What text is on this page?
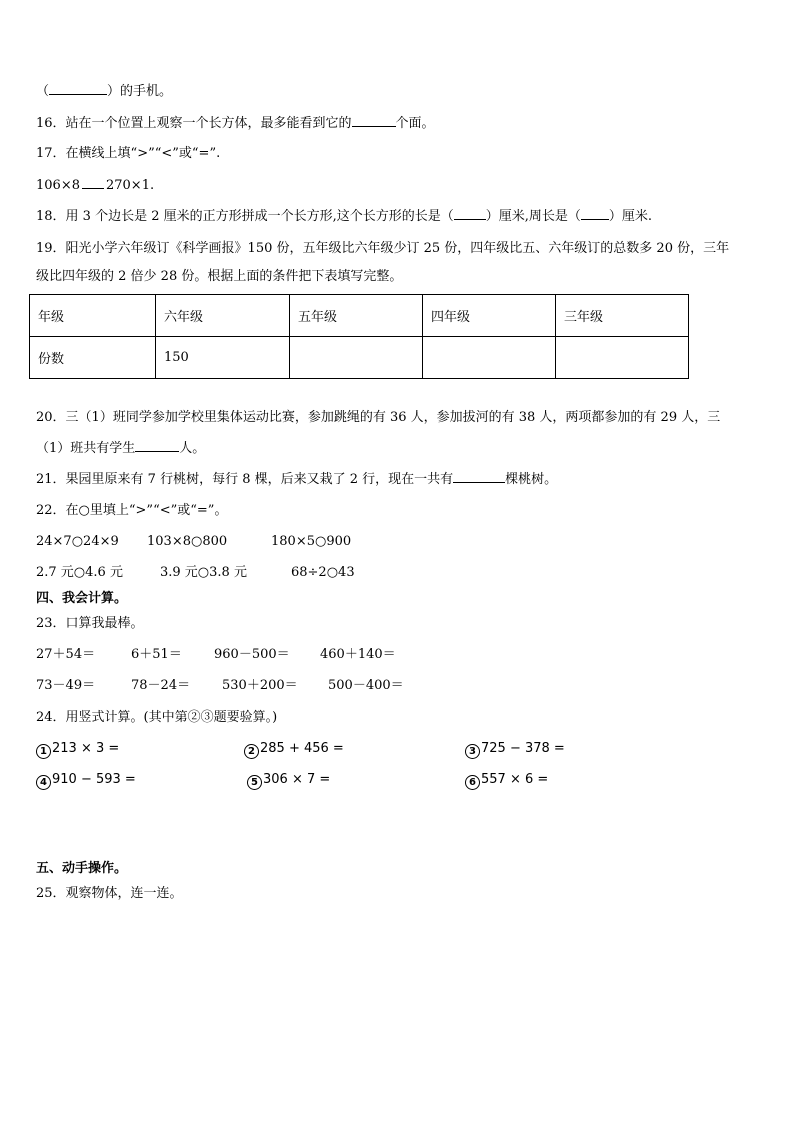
（	）的手机。
16．站在一个位置上观察一个长方体，最多能看到它的	个面。
17．在横线上填“>”“<”或“=”.
106×8 270×1.
18．用 3 个边长是 2 厘米的正方形拼成一个长方形,这个长方形的长是（ ）厘米,周长是（ ）厘米.
19．阳光小学六年级订《科学画报》150 份，五年级比六年级少订 25 份，四年级比五、六年级订的总数多 20 份，三年
级比四年级的 2 倍少 28 份。根据上面的条件把下表填写完整。
年级	六年级	五年级	四年级	三年级
份数	150			
20．三（1）班同学参加学校里集体运动比赛，参加跳绳的有 36 人，参加拔河的有 38 人，两项都参加的有 29 人，三
（1）班共有学生	人。
21．果园里原来有 7 行桃树，每行 8 棵，后来又栽了 2 行，现在一共有	棵桃树。
22．在○里填上“>”“<”或“=”。
24×7○24×9 103×8○800	180×5○900
2.7 元○4.6 元	3.9 元○3.8 元	68÷2○43
四、我会计算。
23．口算我最棒。
27＋54＝	6＋51＝ 960－500＝ 460＋140＝
73－49＝	78－24＝ 530＋200＝ 500－400＝
24．用竖式计算。(其中第②③题要验算。)
1 213 × 3 =	2 285 + 456 =	3 725 − 378 =
4 910 − 593 =	5 306 × 7 =	6 557 × 6 =
五、动手操作。
25．观察物体，连一连。
